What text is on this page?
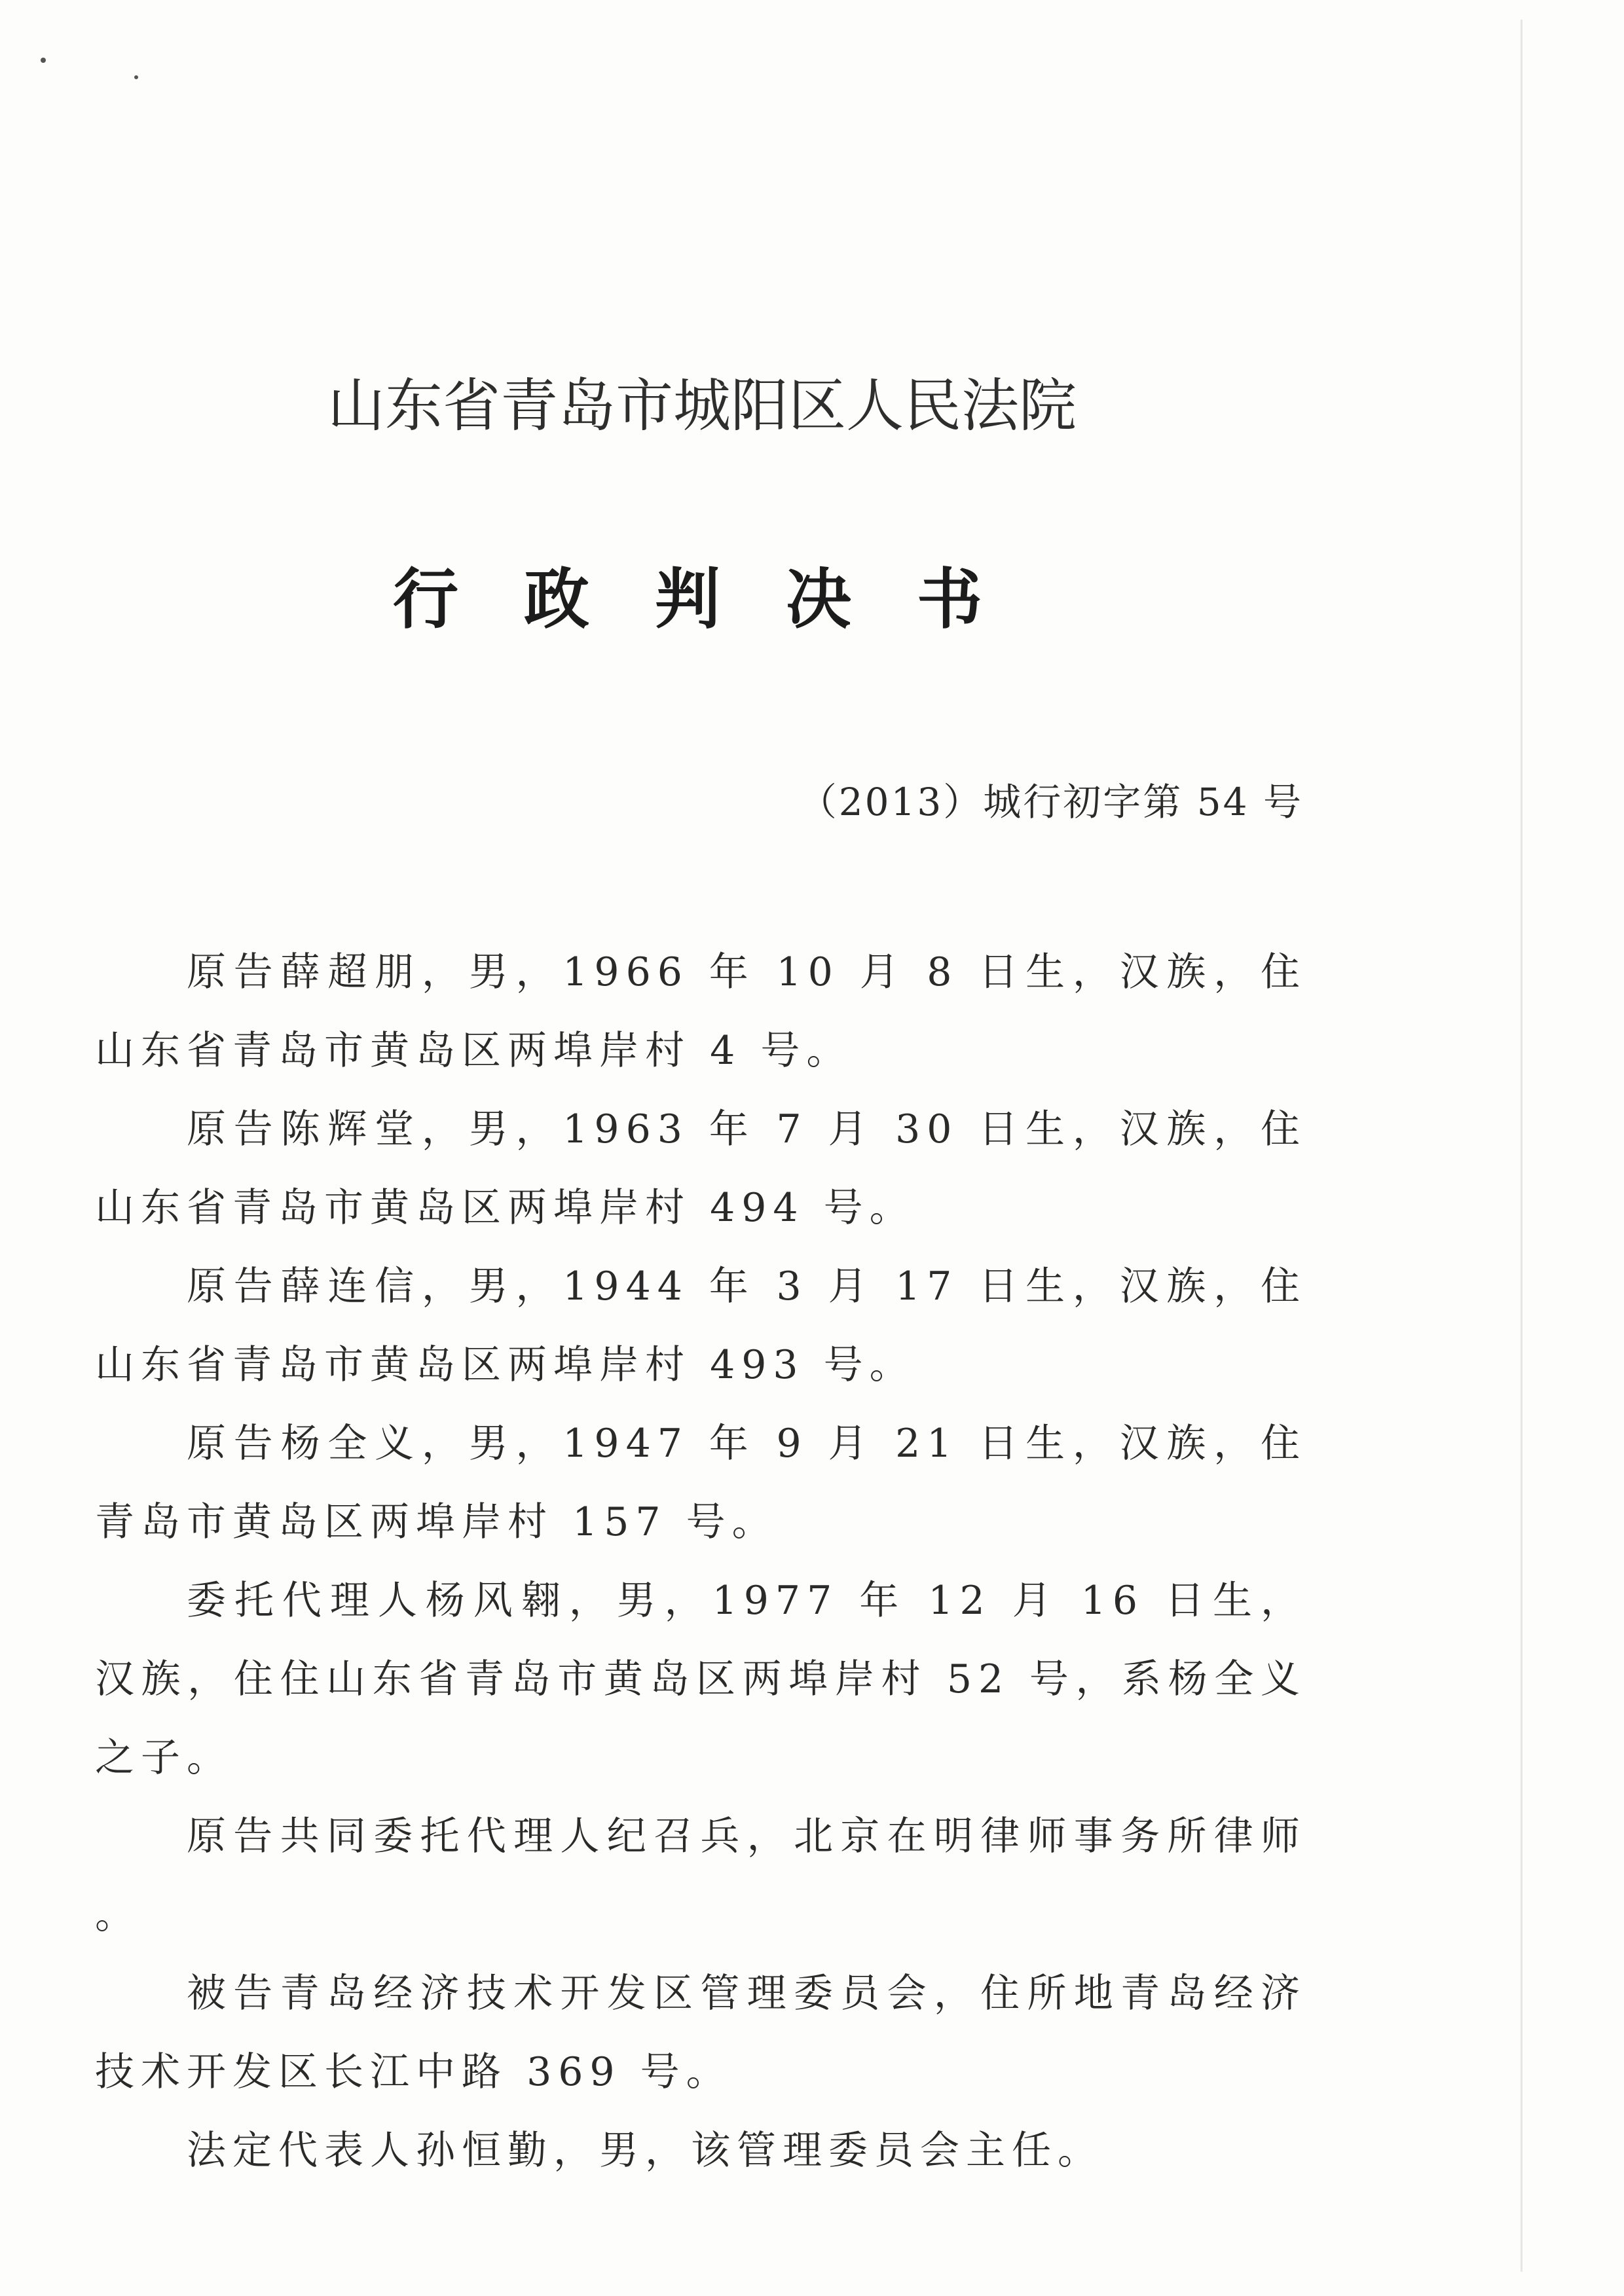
山东省青岛市城阳区人民法院
行政判决书
（2013）城行初字第 54 号

原告薛超朋，男，1966 年 10 月 8 日生，汉族，住山东省青岛市黄岛区两埠岸村 4 号。

原告陈辉堂，男，1963 年 7 月 30 日生，汉族，住山东省青岛市黄岛区两埠岸村 494 号。

原告薛连信，男，1944 年 3 月 17 日生，汉族，住山东省青岛市黄岛区两埠岸村 493 号。

原告杨全义，男，1947 年 9 月 21 日生，汉族，住青岛市黄岛区两埠岸村 157 号。

委托代理人杨风翱，男，1977 年 12 月 16 日生，汉族，住住山东省青岛市黄岛区两埠岸村 52 号，系杨全义之子。

原告共同委托代理人纪召兵，北京在明律师事务所律师。

被告青岛经济技术开发区管理委员会，住所地青岛经济技术开发区长江中路 369 号。

法定代表人孙恒勤，男，该管理委员会主任。
